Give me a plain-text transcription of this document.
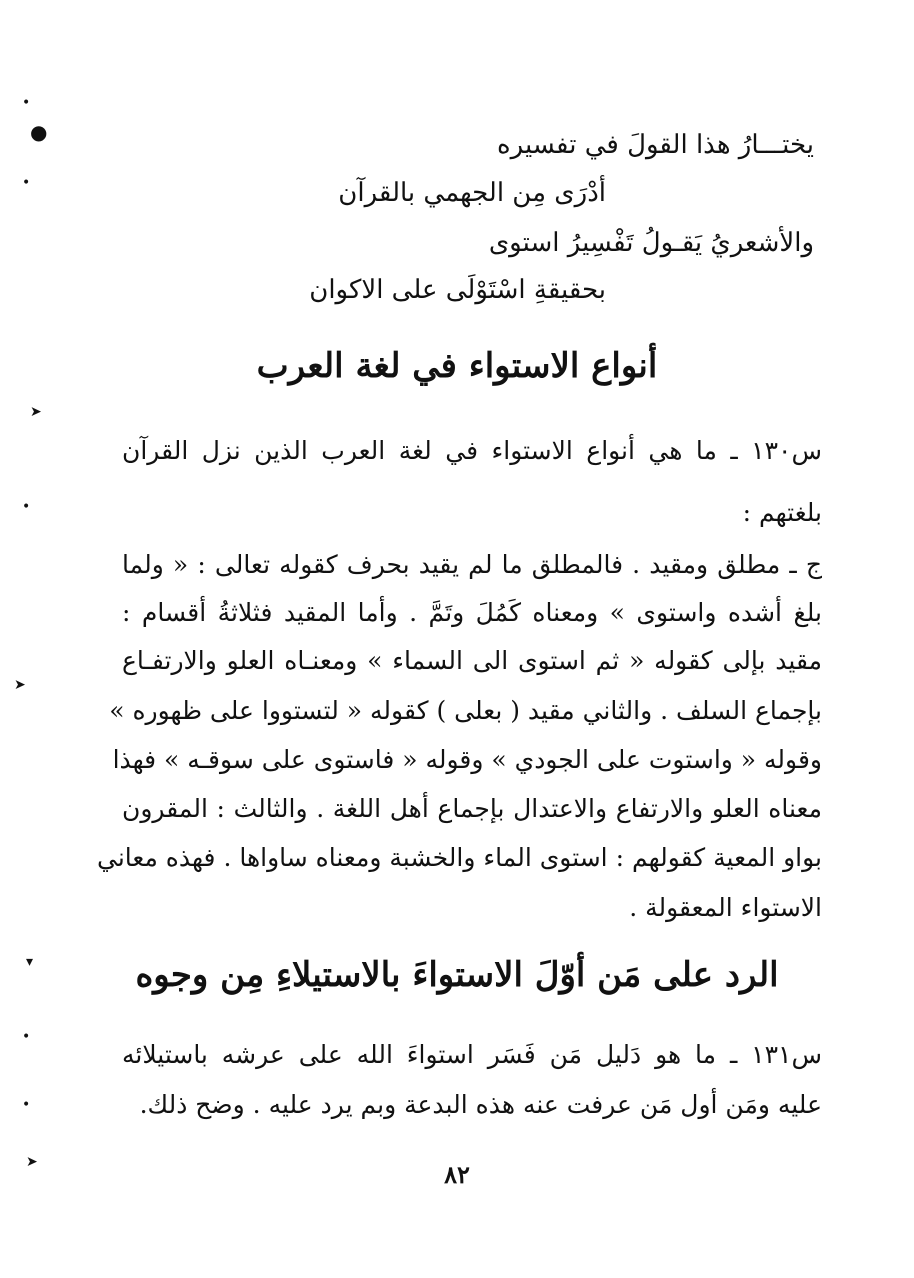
•
●
•
➤
•
➤
▾
•
•
➤
يختـــارُ هذا القولَ في تفسيره
أدْرَى مِن الجهمي بالقرآن
والأشعريُ يَقـولُ تَفْسِيرُ استوى
بحقيقةِ اسْتَوْلَى على الاكوان
أنواع الاستواء في لغة العرب
س١٣٠ ـ ما هي أنواع الاستواء في لغة العرب الذين نزل القرآن
بلغتهم :
ج ـ مطلق ومقيد . فالمطلق ما لم يقيد بحرف كقوله تعالى : « ولما
بلغ أشده واستوى » ومعناه كَمُلَ وتَمَّ . وأما المقيد فثلاثةُ أقسام :
مقيد بإلى كقوله « ثم استوى الى السماء » ومعنـاه العلو والارتفـاع
بإجماع السلف . والثاني مقيد ( بعلى ) كقوله « لتستووا على ظهوره »
وقوله « واستوت على الجودي » وقوله « فاستوى على سوقـه » فهذا
معناه العلو والارتفاع والاعتدال بإجماع أهل اللغة . والثالث : المقرون
بواو المعية كقولهم : استوى الماء والخشبة ومعناه ساواها . فهذه معاني
الاستواء المعقولة .
الرد على مَن أوّلَ الاستواءَ بالاستيلاءِ مِن وجوه
س١٣١ ـ ما هو دَليل مَن فَسَر استواءَ الله على عرشه باستيلائه
عليه ومَن أول مَن عرفت عنه هذه البدعة وبم يرد عليه . وضح ذلك.
٨٢
